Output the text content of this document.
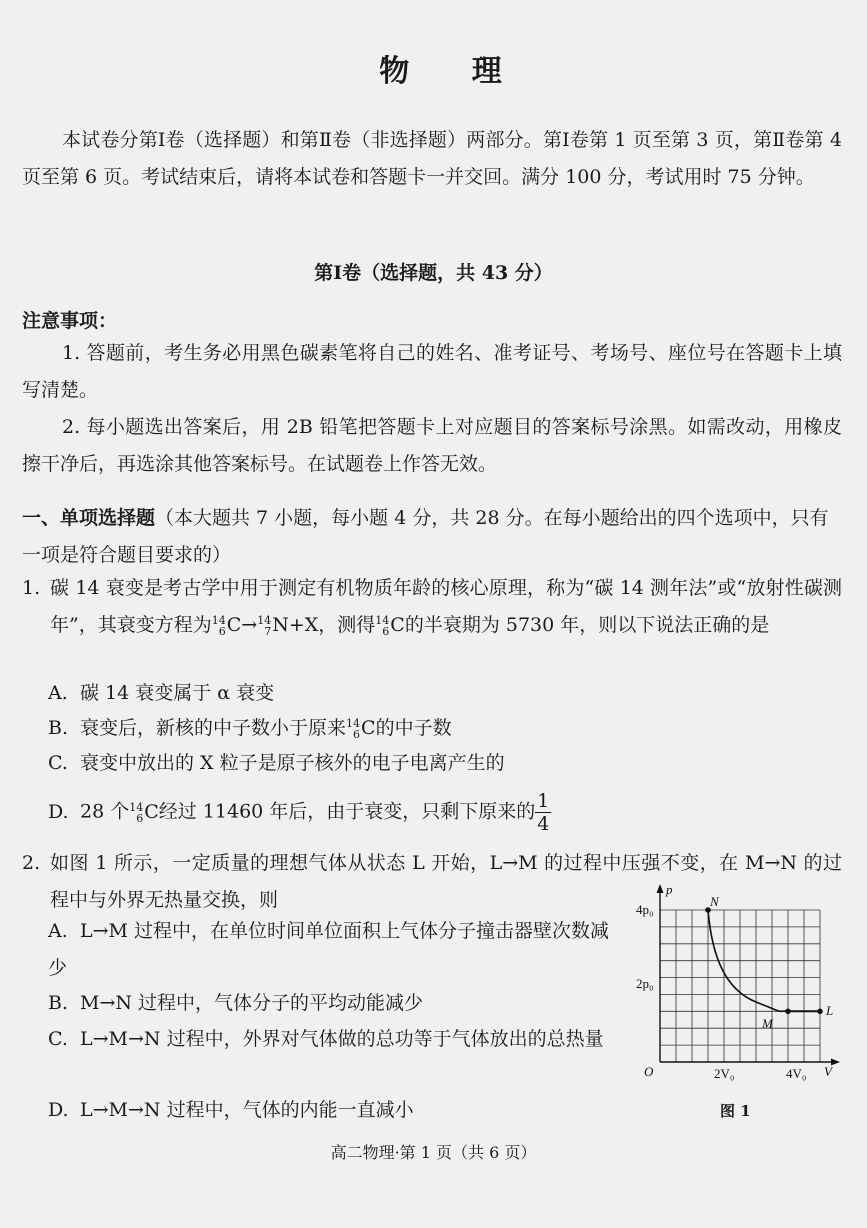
物 理
本试卷分第Ⅰ卷（选择题）和第Ⅱ卷（非选择题）两部分。第Ⅰ卷第 1 页至第 3 页，第Ⅱ卷第 4 页至第 6 页。考试结束后，请将本试卷和答题卡一并交回。满分 100 分，考试用时 75 分钟。
第Ⅰ卷（选择题，共 43 分）
注意事项：
1. 答题前，考生务必用黑色碳素笔将自己的姓名、准考证号、考场号、座位号在答题卡上填写清楚。
2. 每小题选出答案后，用 2B 铅笔把答题卡上对应题目的答案标号涂黑。如需改动，用橡皮擦干净后，再选涂其他答案标号。在试题卷上作答无效。
一、单项选择题（本大题共 7 小题，每小题 4 分，共 28 分。在每小题给出的四个选项中，只有一项是符合题目要求的）
1. 碳 14 衰变是考古学中用于测定有机物质年龄的核心原理，称为“碳 14 测年法”或“放射性碳测年”，其衰变方程为 14
6 C→ 14
7 N+X，测得 14
6 C的半衰期为 5730 年，则以下说法正确的是
A. 碳 14 衰变属于 α 衰变
B. 衰变后，新核的中子数小于原来 14
6 C的中子数
C. 衰变中放出的 X 粒子是原子核外的电子电离产生的
D. 28 个 14
6 C经过 11460 年后，由于衰变，只剩下原来的 $\frac{1}{4}$
2. 如图 1 所示，一定质量的理想气体从状态 L 开始，L→M 的过程中压强不变，在 M→N 的过程中与外界无热量交换，则
A. L→M 过程中，在单位时间单位面积上气体分子撞击器壁次数减少
B. M→N 过程中，气体分子的平均动能减少
C. L→M→N 过程中，外界对气体做的总功等于气体放出的总热量
D. L→M→N 过程中，气体的内能一直减小
p
V
O
4p₀
2p₀
2V₀	4V₀
N
M
L
图 1
高二物理·第 1 页（共 6 页）
